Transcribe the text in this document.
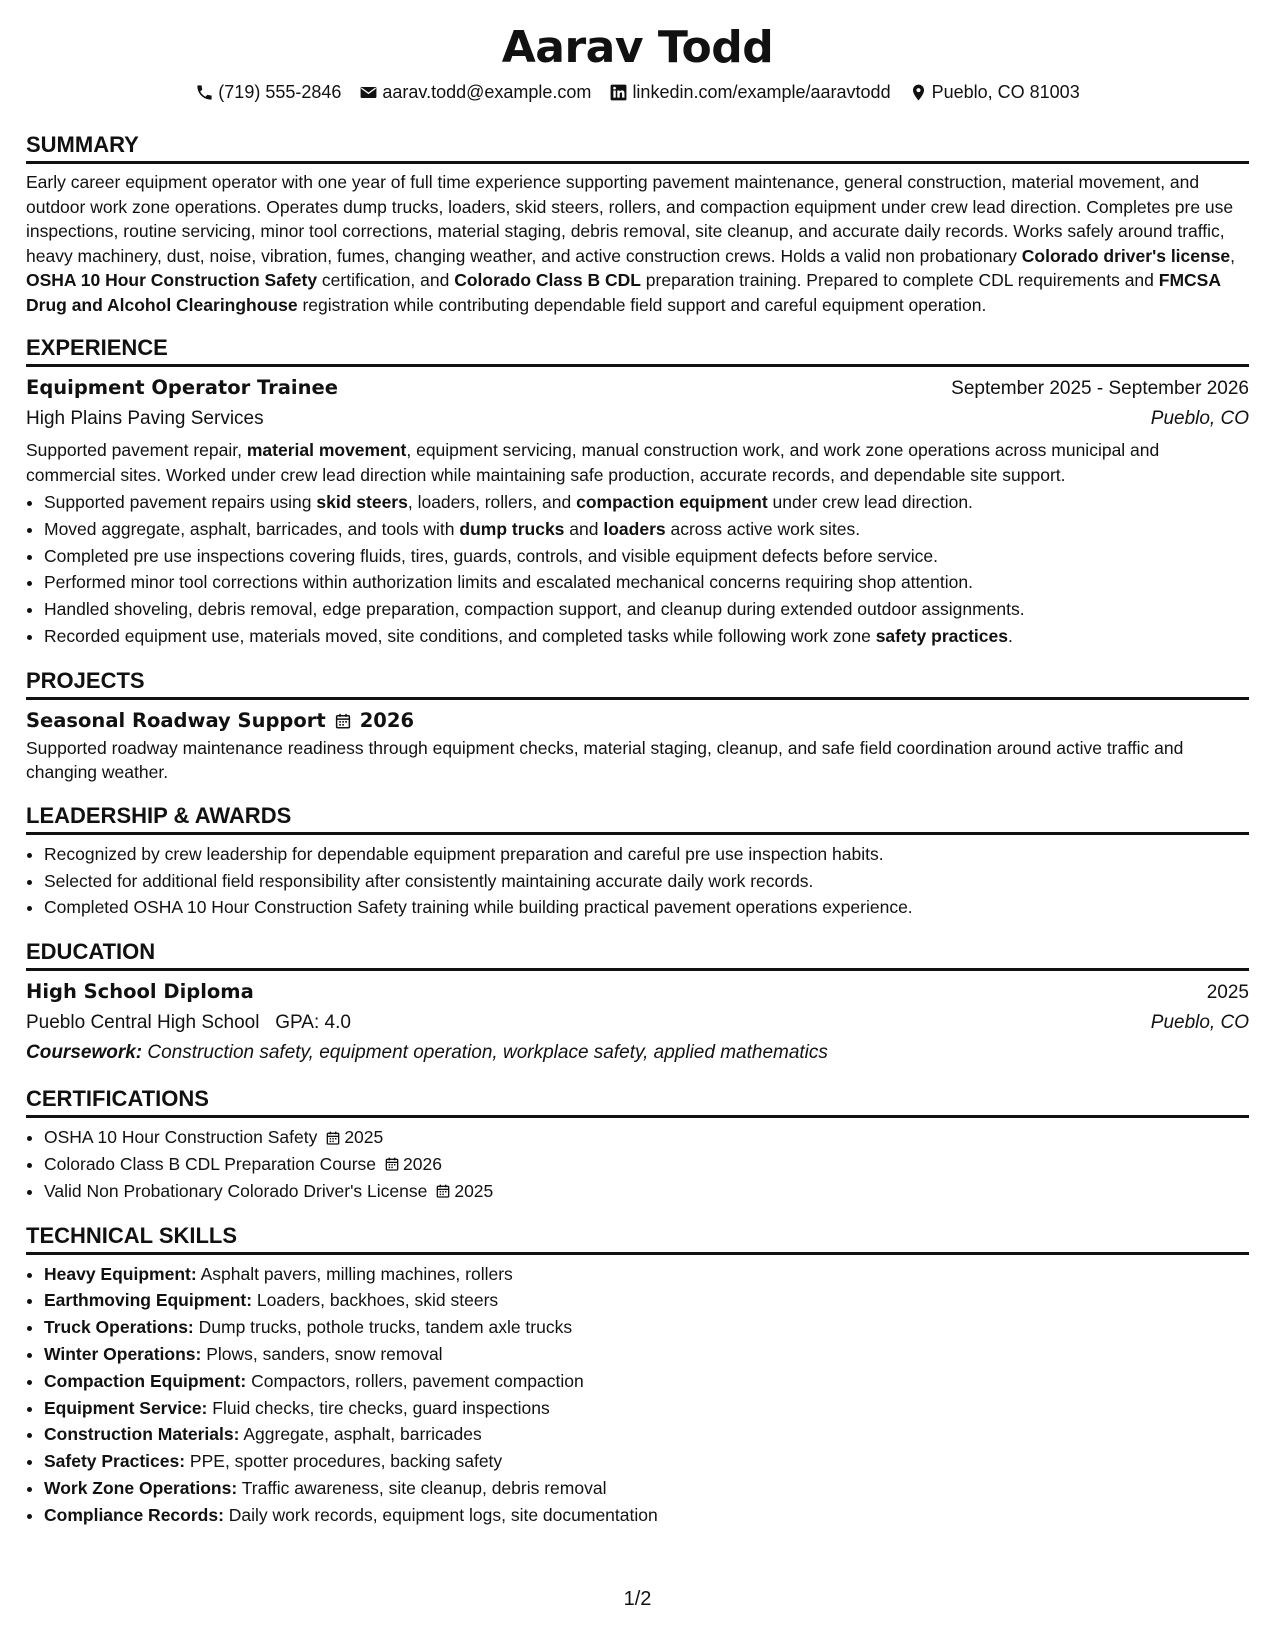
Aarav Todd
(719) 555-2846 aarav.todd@example.com linkedin.com/example/aaravtodd Pueblo, CO 81003
SUMMARY

Early career equipment operator with one year of full time experience supporting pavement maintenance, general construction, material movement, and outdoor work zone operations. Operates dump trucks, loaders, skid steers, rollers, and compaction equipment under crew lead direction. Completes pre use inspections, routine servicing, minor tool corrections, material staging, debris removal, site cleanup, and accurate daily records. Works safely around traffic, heavy machinery, dust, noise, vibration, fumes, changing weather, and active construction crews. Holds a valid non probationary Colorado driver's license, OSHA 10 Hour Construction Safety certification, and Colorado Class B CDL preparation training. Prepared to complete CDL requirements and FMCSA Drug and Alcohol Clearinghouse registration while contributing dependable field support and careful equipment operation.

EXPERIENCE
Equipment Operator Trainee	September 2025 - September 2026
High Plains Paving Services	Pueblo, CO

Supported pavement repair, material movement, equipment servicing, manual construction work, and work zone operations across municipal and commercial sites. Worked under crew lead direction while maintaining safe production, accurate records, and dependable site support.

• Supported pavement repairs using skid steers, loaders, rollers, and compaction equipment under crew lead direction.
• Moved aggregate, asphalt, barricades, and tools with dump trucks and loaders across active work sites.
• Completed pre use inspections covering fluids, tires, guards, controls, and visible equipment defects before service.
• Performed minor tool corrections within authorization limits and escalated mechanical concerns requiring shop attention.
• Handled shoveling, debris removal, edge preparation, compaction support, and cleanup during extended outdoor assignments.
• Recorded equipment use, materials moved, site conditions, and completed tasks while following work zone safety practices.
PROJECTS
Seasonal Roadway Support 2026

Supported roadway maintenance readiness through equipment checks, material staging, cleanup, and safe field coordination around active traffic and changing weather.

LEADERSHIP & AWARDS
• Recognized by crew leadership for dependable equipment preparation and careful pre use inspection habits.
• Selected for additional field responsibility after consistently maintaining accurate daily work records.
• Completed OSHA 10 Hour Construction Safety training while building practical pavement operations experience.
EDUCATION
High School Diploma	2025
Pueblo Central High School GPA: 4.0	Pueblo, CO
Coursework: Construction safety, equipment operation, workplace safety, applied mathematics
CERTIFICATIONS
• OSHA 10 Hour Construction Safety 2025
• Colorado Class B CDL Preparation Course 2026
• Valid Non Probationary Colorado Driver's License 2025
TECHNICAL SKILLS
• Heavy Equipment: Asphalt pavers, milling machines, rollers
• Earthmoving Equipment: Loaders, backhoes, skid steers
• Truck Operations: Dump trucks, pothole trucks, tandem axle trucks
• Winter Operations: Plows, sanders, snow removal
• Compaction Equipment: Compactors, rollers, pavement compaction
• Equipment Service: Fluid checks, tire checks, guard inspections
• Construction Materials: Aggregate, asphalt, barricades
• Safety Practices: PPE, spotter procedures, backing safety
• Work Zone Operations: Traffic awareness, site cleanup, debris removal
• Compliance Records: Daily work records, equipment logs, site documentation
1/2
